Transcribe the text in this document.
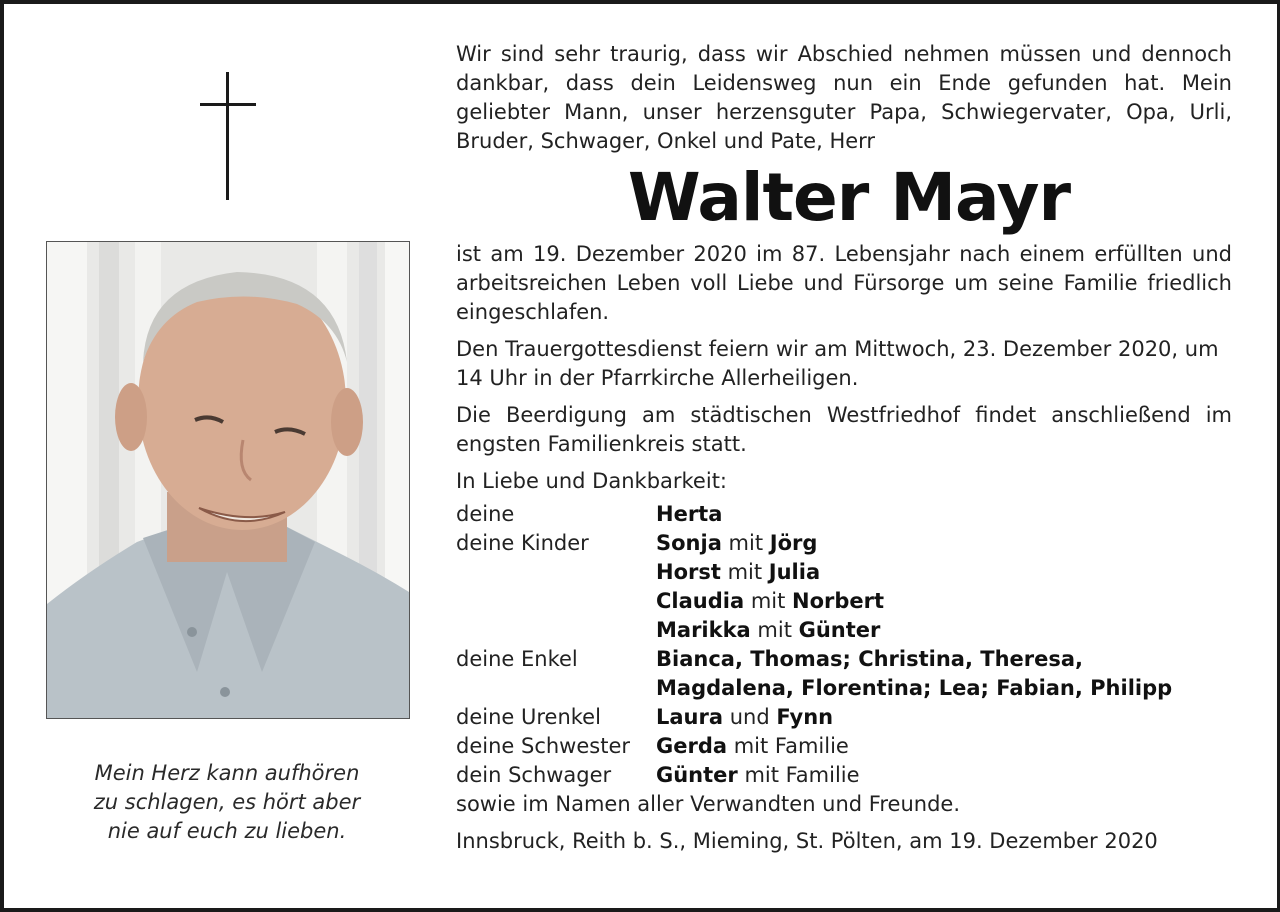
Mein Herz kann aufhören
zu schlagen, es hört aber
nie auf euch zu lieben.

Wir sind sehr traurig, dass wir Abschied nehmen müssen und dennoch dankbar, dass dein Leidensweg nun ein Ende gefunden hat. Mein geliebter Mann, unser herzensguter Papa, Schwiegervater, Opa, Urli, Bruder, Schwager, Onkel und Pate, Herr

Walter Mayr

ist am 19. Dezember 2020 im 87. Lebensjahr nach einem erfüllten und arbeitsreichen Leben voll Liebe und Fürsorge um seine Familie friedlich eingeschlafen.

Den Trauergottesdienst feiern wir am Mittwoch, 23. Dezember 2020, um 14 Uhr in der Pfarrkirche Allerheiligen.

Die Beerdigung am städtischen Westfriedhof findet anschließend im engsten Familienkreis statt.

In Liebe und Dankbarkeit:

deine	Herta
deine Kinder	Sonja mit Jörg
Horst mit Julia
Claudia mit Norbert
Marikka mit Günter
deine Enkel	Bianca, Thomas; Christina, Theresa,
Magdalena, Florentina; Lea; Fabian, Philipp
deine Urenkel	Laura und Fynn
deine Schwester	Gerda mit Familie
dein Schwager	Günter mit Familie

sowie im Namen aller Verwandten und Freunde.

Innsbruck, Reith b. S., Mieming, St. Pölten, am 19. Dezember 2020
